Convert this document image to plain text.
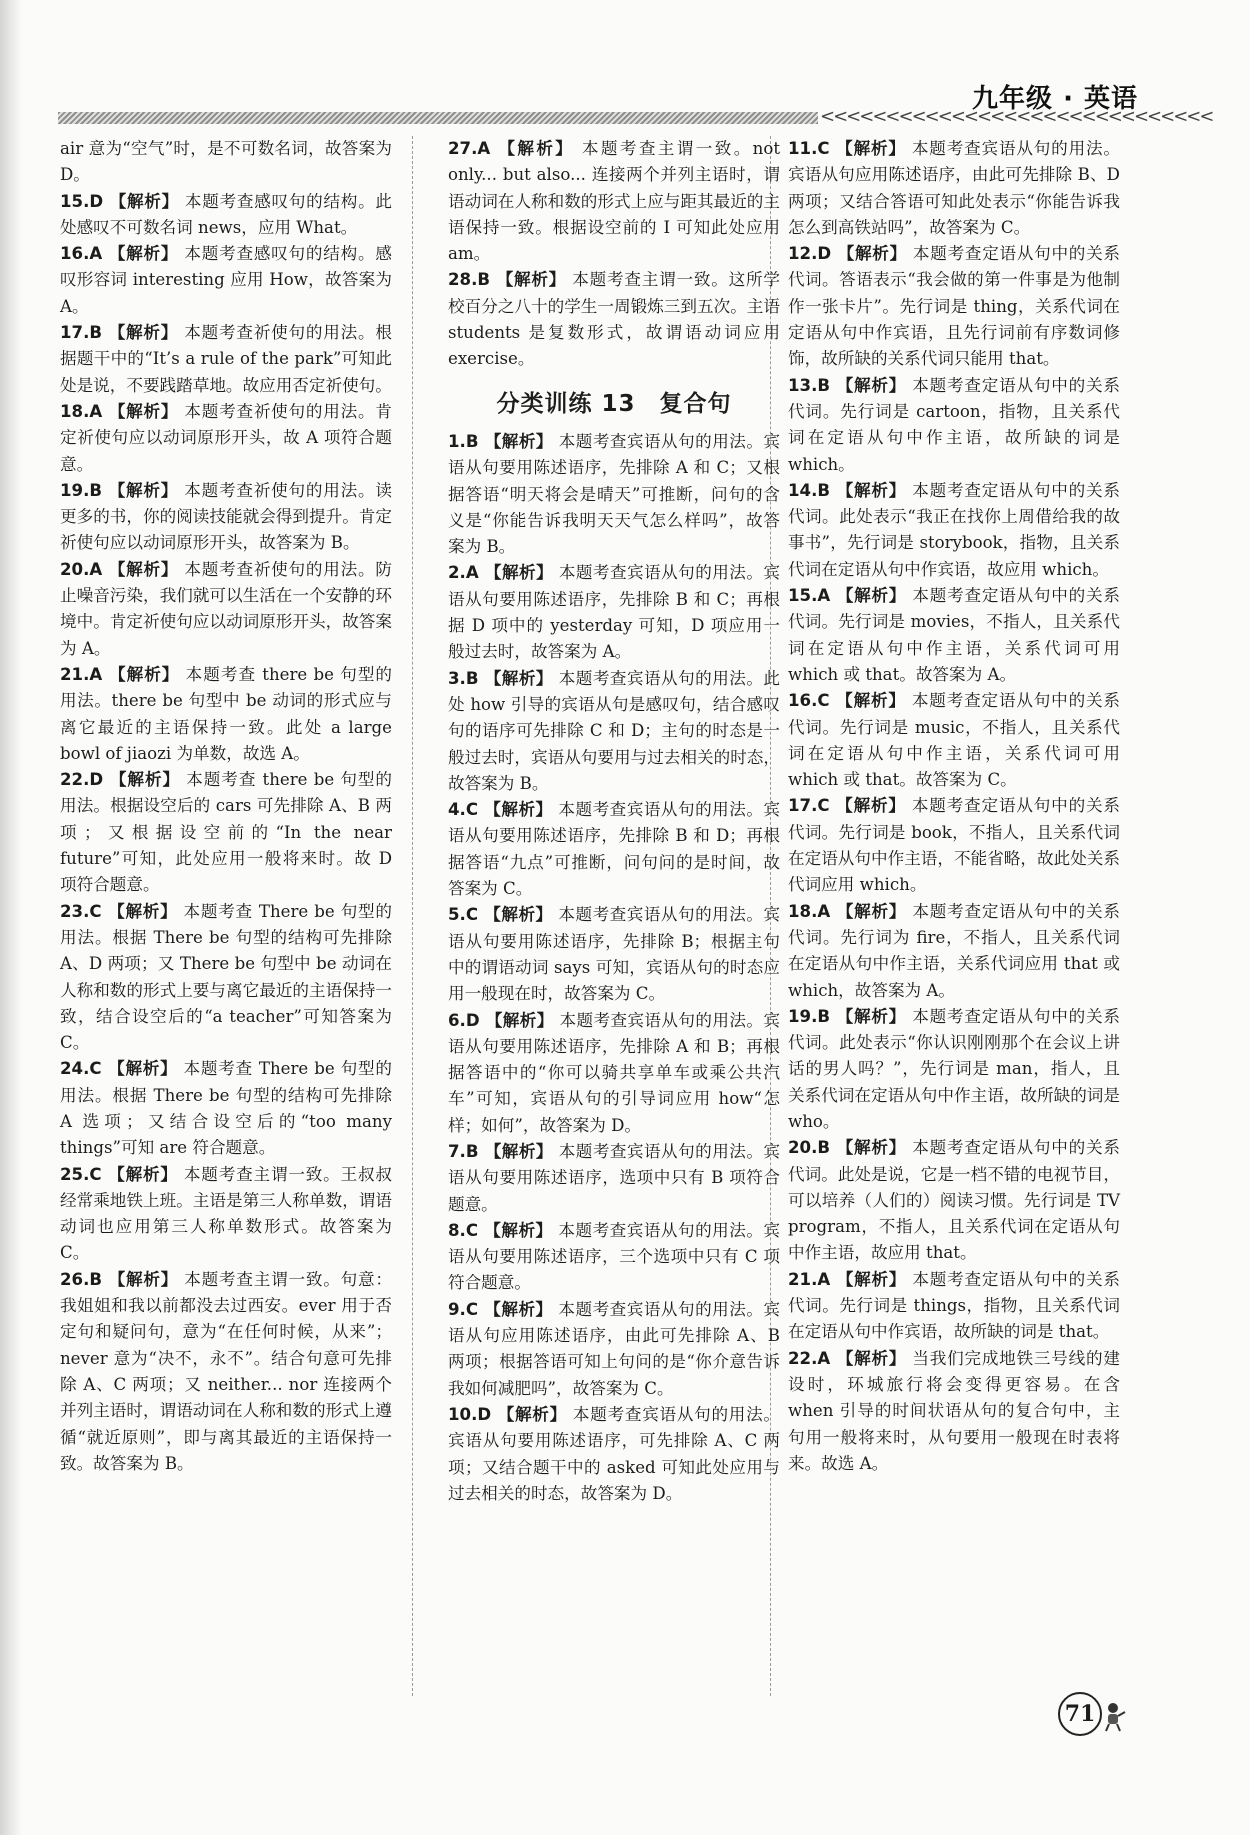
<<<<<<<<<<<<<<<<<<<<<<<<<<<<<<
九年级 · 英语

air 意为“空气”时，是不可数名词，故答案为 D。

15.D 【解析】 本题考查感叹句的结构。此处感叹不可数名词 news，应用 What。

16.A 【解析】 本题考查感叹句的结构。感叹形容词 interesting 应用 How，故答案为 A。

17.B 【解析】 本题考查祈使句的用法。根据题干中的“It’s a rule of the park”可知此处是说，不要践踏草地。故应用否定祈使句。

18.A 【解析】 本题考查祈使句的用法。肯定祈使句应以动词原形开头，故 A 项符合题意。

19.B 【解析】 本题考查祈使句的用法。读更多的书，你的阅读技能就会得到提升。肯定祈使句应以动词原形开头，故答案为 B。

20.A 【解析】 本题考查祈使句的用法。防止噪音污染，我们就可以生活在一个安静的环境中。肯定祈使句应以动词原形开头，故答案为 A。

21.A 【解析】 本题考查 there be 句型的用法。there be 句型中 be 动词的形式应与离它最近的主语保持一致。此处 a large bowl of jiaozi 为单数，故选 A。

22.D 【解析】 本题考查 there be 句型的用法。根据设空后的 cars 可先排除 A、B 两项；又根据设空前的“In the near future”可知，此处应用一般将来时。故 D 项符合题意。

23.C 【解析】 本题考查 There be 句型的用法。根据 There be 句型的结构可先排除 A、D 两项；又 There be 句型中 be 动词在人称和数的形式上要与离它最近的主语保持一致，结合设空后的“a teacher”可知答案为 C。

24.C 【解析】 本题考查 There be 句型的用法。根据 There be 句型的结构可先排除 A 选项；又结合设空后的“too many things”可知 are 符合题意。

25.C 【解析】 本题考查主谓一致。王叔叔经常乘地铁上班。主语是第三人称单数，谓语动词也应用第三人称单数形式。故答案为 C。

26.B 【解析】 本题考查主谓一致。句意：我姐姐和我以前都没去过西安。ever 用于否定句和疑问句，意为“在任何时候，从来”；never 意为“决不，永不”。结合句意可先排除 A、C 两项；又 neither... nor 连接两个并列主语时，谓语动词在人称和数的形式上遵循“就近原则”，即与离其最近的主语保持一致。故答案为 B。

27.A 【解析】 本题考查主谓一致。not only... but also... 连接两个并列主语时，谓语动词在人称和数的形式上应与距其最近的主语保持一致。根据设空前的 I 可知此处应用 am。

28.B 【解析】 本题考查主谓一致。这所学校百分之八十的学生一周锻炼三到五次。主语 students 是复数形式，故谓语动词应用 exercise。

分类训练 13　复合句

1.B 【解析】 本题考查宾语从句的用法。宾语从句要用陈述语序，先排除 A 和 C；又根据答语“明天将会是晴天”可推断，问句的含义是“你能告诉我明天天气怎么样吗”，故答案为 B。

2.A 【解析】 本题考查宾语从句的用法。宾语从句要用陈述语序，先排除 B 和 C；再根据 D 项中的 yesterday 可知，D 项应用一般过去时，故答案为 A。

3.B 【解析】 本题考查宾语从句的用法。此处 how 引导的宾语从句是感叹句，结合感叹句的语序可先排除 C 和 D；主句的时态是一般过去时，宾语从句要用与过去相关的时态，故答案为 B。

4.C 【解析】 本题考查宾语从句的用法。宾语从句要用陈述语序，先排除 B 和 D；再根据答语“九点”可推断，问句问的是时间，故答案为 C。

5.C 【解析】 本题考查宾语从句的用法。宾语从句要用陈述语序，先排除 B；根据主句中的谓语动词 says 可知，宾语从句的时态应用一般现在时，故答案为 C。

6.D 【解析】 本题考查宾语从句的用法。宾语从句要用陈述语序，先排除 A 和 B；再根据答语中的“你可以骑共享单车或乘公共汽车”可知，宾语从句的引导词应用 how“怎样；如何”，故答案为 D。

7.B 【解析】 本题考查宾语从句的用法。宾语从句要用陈述语序，选项中只有 B 项符合题意。

8.C 【解析】 本题考查宾语从句的用法。宾语从句要用陈述语序，三个选项中只有 C 项符合题意。

9.C 【解析】 本题考查宾语从句的用法。宾语从句应用陈述语序，由此可先排除 A、B 两项；根据答语可知上句问的是“你介意告诉我如何减肥吗”，故答案为 C。

10.D 【解析】 本题考查宾语从句的用法。宾语从句要用陈述语序，可先排除 A、C 两项；又结合题干中的 asked 可知此处应用与过去相关的时态，故答案为 D。

11.C 【解析】 本题考查宾语从句的用法。宾语从句应用陈述语序，由此可先排除 B、D 两项；又结合答语可知此处表示“你能告诉我怎么到高铁站吗”，故答案为 C。

12.D 【解析】 本题考查定语从句中的关系代词。答语表示“我会做的第一件事是为他制作一张卡片”。先行词是 thing，关系代词在定语从句中作宾语，且先行词前有序数词修饰，故所缺的关系代词只能用 that。

13.B 【解析】 本题考查定语从句中的关系代词。先行词是 cartoon，指物，且关系代词在定语从句中作主语，故所缺的词是 which。

14.B 【解析】 本题考查定语从句中的关系代词。此处表示“我正在找你上周借给我的故事书”，先行词是 storybook，指物，且关系代词在定语从句中作宾语，故应用 which。

15.A 【解析】 本题考查定语从句中的关系代词。先行词是 movies，不指人，且关系代词在定语从句中作主语，关系代词可用 which 或 that。故答案为 A。

16.C 【解析】 本题考查定语从句中的关系代词。先行词是 music，不指人，且关系代词在定语从句中作主语，关系代词可用 which 或 that。故答案为 C。

17.C 【解析】 本题考查定语从句中的关系代词。先行词是 book，不指人，且关系代词在定语从句中作主语，不能省略，故此处关系代词应用 which。

18.A 【解析】 本题考查定语从句中的关系代词。先行词为 fire，不指人，且关系代词在定语从句中作主语，关系代词应用 that 或 which，故答案为 A。

19.B 【解析】 本题考查定语从句中的关系代词。此处表示“你认识刚刚那个在会议上讲话的男人吗？”，先行词是 man，指人，且关系代词在定语从句中作主语，故所缺的词是 who。

20.B 【解析】 本题考查定语从句中的关系代词。此处是说，它是一档不错的电视节目，可以培养（人们的）阅读习惯。先行词是 TV program，不指人，且关系代词在定语从句中作主语，故应用 that。

21.A 【解析】 本题考查定语从句中的关系代词。先行词是 things，指物，且关系代词在定语从句中作宾语，故所缺的词是 that。

22.A 【解析】 当我们完成地铁三号线的建设时，环城旅行将会变得更容易。在含 when 引导的时间状语从句的复合句中，主句用一般将来时，从句要用一般现在时表将来。故选 A。

71
